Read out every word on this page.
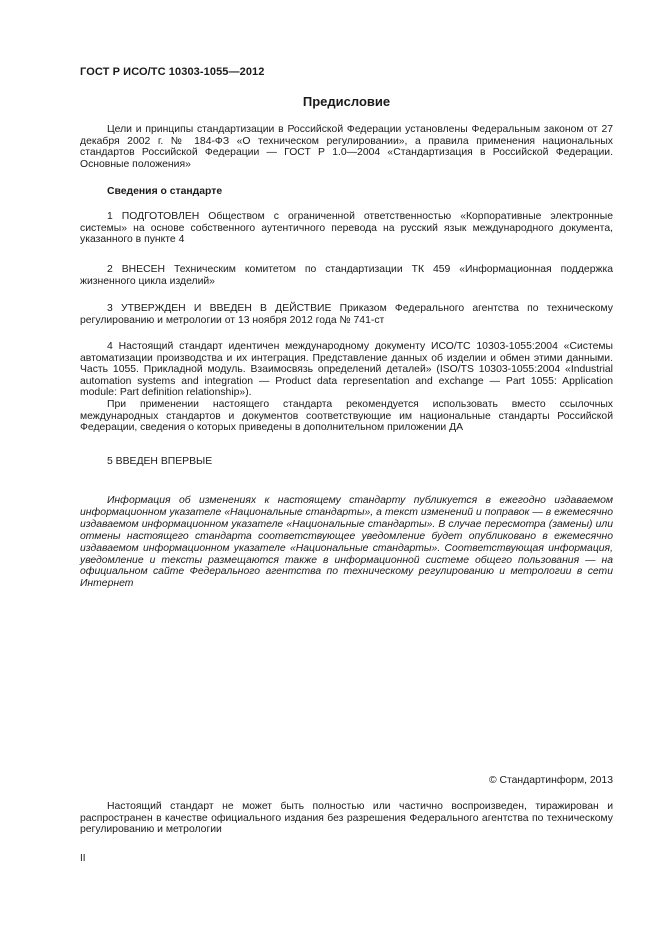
ГОСТ Р ИСО/ТС 10303-1055—2012
Предисловие

Цели и принципы стандартизации в Российской Федерации установлены Федеральным законом от 27 декабря 2002 г. № 184-ФЗ «О техническом регулировании», а правила применения национальных стандартов Российской Федерации — ГОСТ Р 1.0—2004 «Стандартизация в Российской Федерации. Основные положения»

Сведения о стандарте

1 ПОДГОТОВЛЕН Обществом с ограниченной ответственностью «Корпоративные электронные системы» на основе собственного аутентичного перевода на русский язык международного документа, указанного в пункте 4

2 ВНЕСЕН Техническим комитетом по стандартизации ТК 459 «Информационная поддержка жизненного цикла изделий»

3 УТВЕРЖДЕН И ВВЕДЕН В ДЕЙСТВИЕ Приказом Федерального агентства по техническому регулированию и метрологии от 13 ноября 2012 года № 741-ст

4 Настоящий стандарт идентичен международному документу ИСО/ТС 10303-1055:2004 «Системы автоматизации производства и их интеграция. Представление данных об изделии и обмен этими данными. Часть 1055. Прикладной модуль. Взаимосвязь определений деталей» (ISO/TS 10303-1055:2004 «Industrial automation systems and integration — Product data representation and exchange — Part 1055: Application module: Part definition relationship»).

При применении настоящего стандарта рекомендуется использовать вместо ссылочных международных стандартов и документов соответствующие им национальные стандарты Российской Федерации, сведения о которых приведены в дополнительном приложении ДА

5 ВВЕДЕН ВПЕРВЫЕ

Информация об изменениях к настоящему стандарту публикуется в ежегодно издаваемом информационном указателе «Национальные стандарты», а текст изменений и поправок — в ежемесячно издаваемом информационном указателе «Национальные стандарты». В случае пересмотра (замены) или отмены настоящего стандарта соответствующее уведомление будет опубликовано в ежемесячно издаваемом информационном указателе «Национальные стандарты». Соответствующая информация, уведомление и тексты размещаются также в информационной системе общего пользования — на официальном сайте Федерального агентства по техническому регулированию и метрологии в сети Интернет

© Стандартинформ, 2013

Настоящий стандарт не может быть полностью или частично воспроизведен, тиражирован и распространен в качестве официального издания без разрешения Федерального агентства по техническому регулированию и метрологии

II
